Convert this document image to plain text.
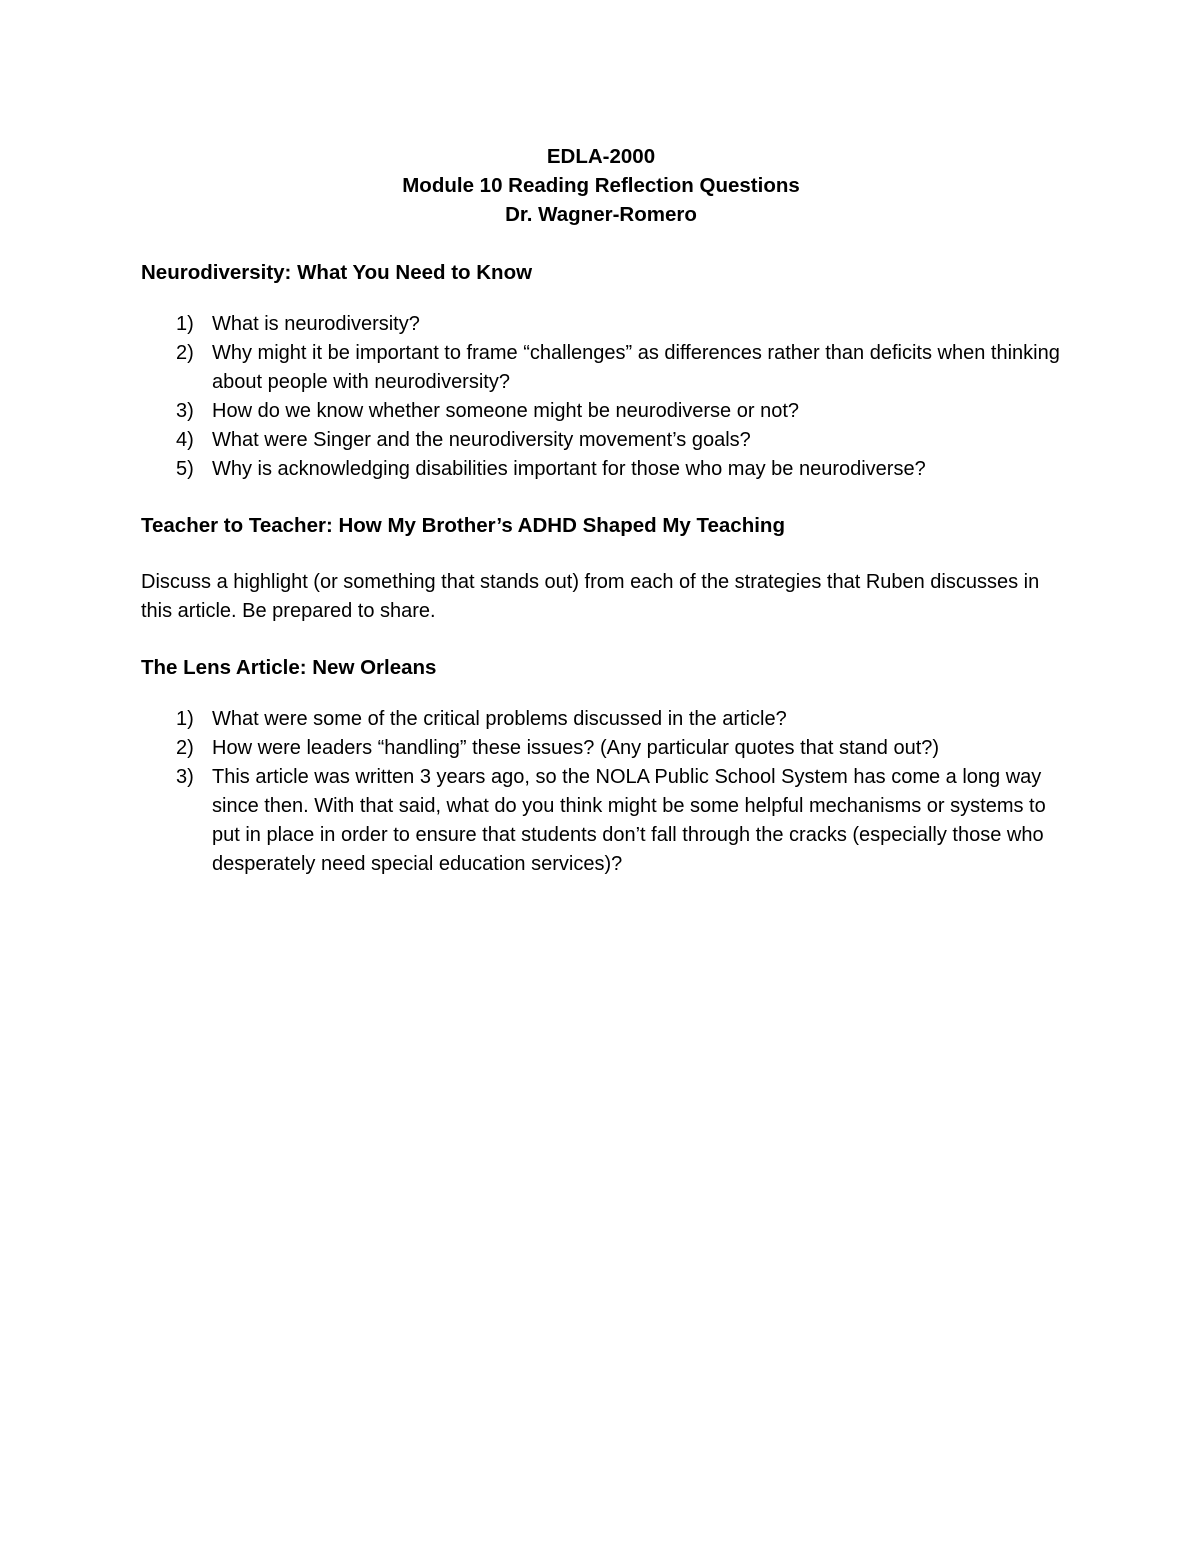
EDLA-2000
Module 10 Reading Reflection Questions
Dr. Wagner-Romero
Neurodiversity: What You Need to Know
1) What is neurodiversity?
2) Why might it be important to frame “challenges” as differences rather than deficits when thinking about people with neurodiversity?
3) How do we know whether someone might be neurodiverse or not?
4) What were Singer and the neurodiversity movement’s goals?
5) Why is acknowledging disabilities important for those who may be neurodiverse?
Teacher to Teacher: How My Brother’s ADHD Shaped My Teaching

Discuss a highlight (or something that stands out) from each of the strategies that Ruben discusses in this article. Be prepared to share.

The Lens Article: New Orleans
1) What were some of the critical problems discussed in the article?
2) How were leaders “handling” these issues? (Any particular quotes that stand out?)
3) This article was written 3 years ago, so the NOLA Public School System has come a long way since then. With that said, what do you think might be some helpful mechanisms or systems to put in place in order to ensure that students don’t fall through the cracks (especially those who desperately need special education services)?
